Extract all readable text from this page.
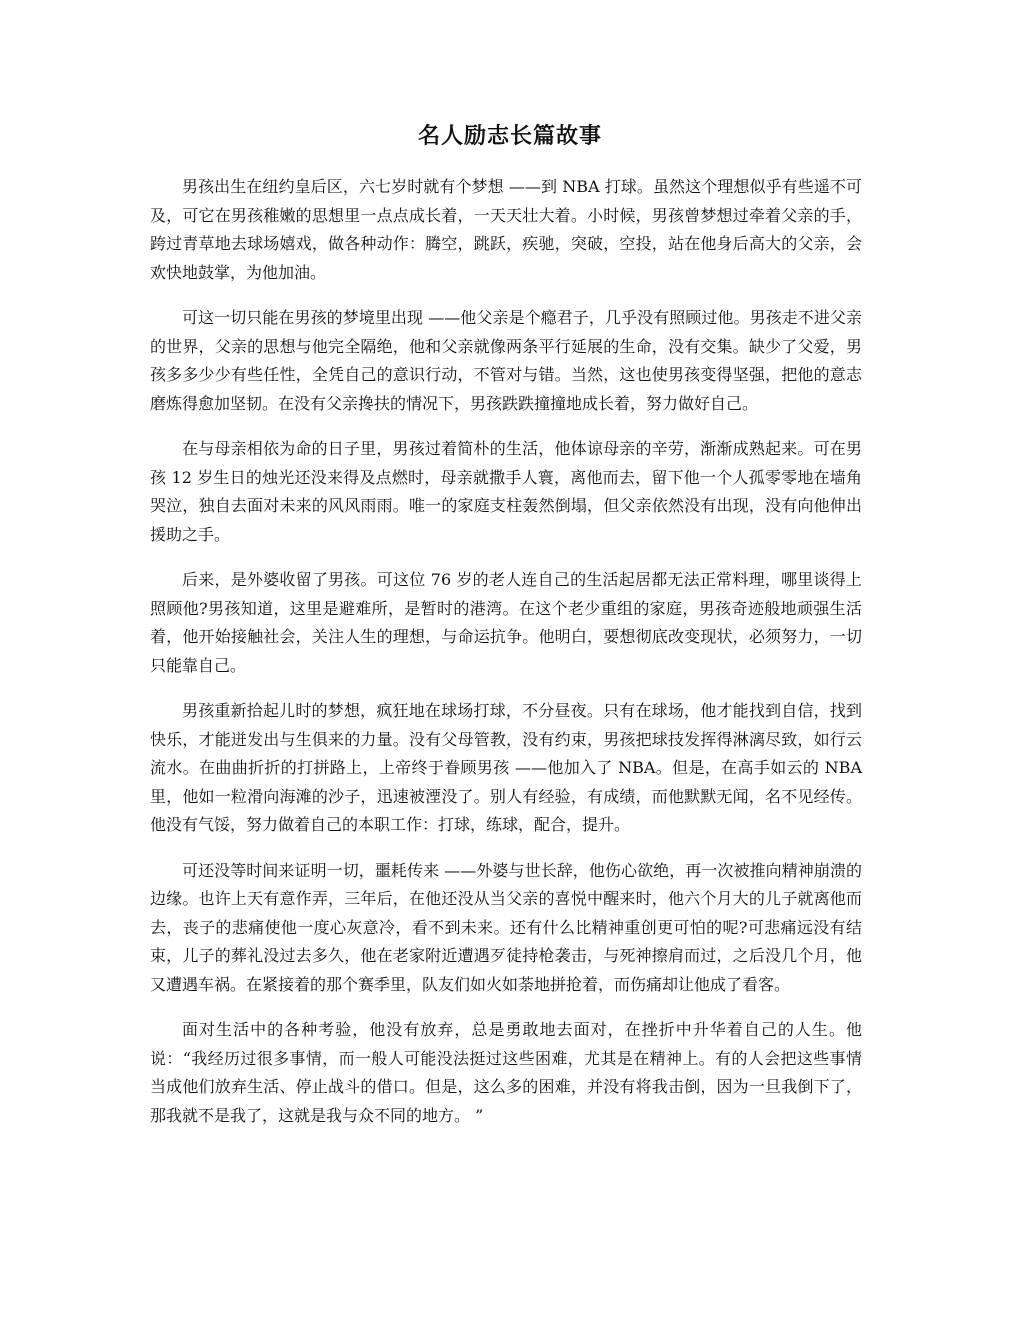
名人励志长篇故事

男孩出生在纽约皇后区，六七岁时就有个梦想 ——到 NBA 打球。虽然这个理想似乎有些遥不可及，可它在男孩稚嫩的思想里一点点成长着，一天天壮大着。小时候，男孩曾梦想过牵着父亲的手，跨过青草地去球场嬉戏，做各种动作：腾空，跳跃，疾驰，突破，空投，站在他身后高大的父亲，会欢快地鼓掌，为他加油。

可这一切只能在男孩的梦境里出现 ——他父亲是个瘾君子，几乎没有照顾过他。男孩走不进父亲的世界，父亲的思想与他完全隔绝，他和父亲就像两条平行延展的生命，没有交集。缺少了父爱，男孩多多少少有些任性，全凭自己的意识行动，不管对与错。当然，这也使男孩变得坚强，把他的意志磨炼得愈加坚韧。在没有父亲搀扶的情况下，男孩跌跌撞撞地成长着，努力做好自己。

在与母亲相依为命的日子里，男孩过着简朴的生活，他体谅母亲的辛劳，渐渐成熟起来。可在男孩 12 岁生日的烛光还没来得及点燃时，母亲就撒手人寰，离他而去，留下他一个人孤零零地在墙角哭泣，独自去面对未来的风风雨雨。唯一的家庭支柱轰然倒塌，但父亲依然没有出现，没有向他伸出援助之手。

后来，是外婆收留了男孩。可这位 76 岁的老人连自己的生活起居都无法正常料理，哪里谈得上照顾他?男孩知道，这里是避难所，是暂时的港湾。在这个老少重组的家庭，男孩奇迹般地顽强生活着，他开始接触社会，关注人生的理想，与命运抗争。他明白，要想彻底改变现状，必须努力，一切只能靠自己。

男孩重新拾起儿时的梦想，疯狂地在球场打球，不分昼夜。只有在球场，他才能找到自信，找到快乐，才能迸发出与生俱来的力量。没有父母管教，没有约束，男孩把球技发挥得淋漓尽致，如行云流水。在曲曲折折的打拼路上，上帝终于眷顾男孩 ——他加入了 NBA。但是，在高手如云的 NBA 里，他如一粒滑向海滩的沙子，迅速被湮没了。别人有经验，有成绩，而他默默无闻，名不见经传。他没有气馁，努力做着自己的本职工作：打球，练球，配合，提升。

可还没等时间来证明一切，噩耗传来 ——外婆与世长辞，他伤心欲绝，再一次被推向精神崩溃的边缘。也许上天有意作弄，三年后，在他还没从当父亲的喜悦中醒来时，他六个月大的儿子就离他而去，丧子的悲痛使他一度心灰意冷，看不到未来。还有什么比精神重创更可怕的呢?可悲痛远没有结束，儿子的葬礼没过去多久，他在老家附近遭遇歹徒持枪袭击，与死神擦肩而过，之后没几个月，他又遭遇车祸。在紧接着的那个赛季里，队友们如火如荼地拼抢着，而伤痛却让他成了看客。

面对生活中的各种考验，他没有放弃，总是勇敢地去面对，在挫折中升华着自己的人生。他说：“我经历过很多事情，而一般人可能没法挺过这些困难，尤其是在精神上。有的人会把这些事情当成他们放弃生活、停止战斗的借口。但是，这么多的困难，并没有将我击倒，因为一旦我倒下了，那我就不是我了，这就是我与众不同的地方。 ”
